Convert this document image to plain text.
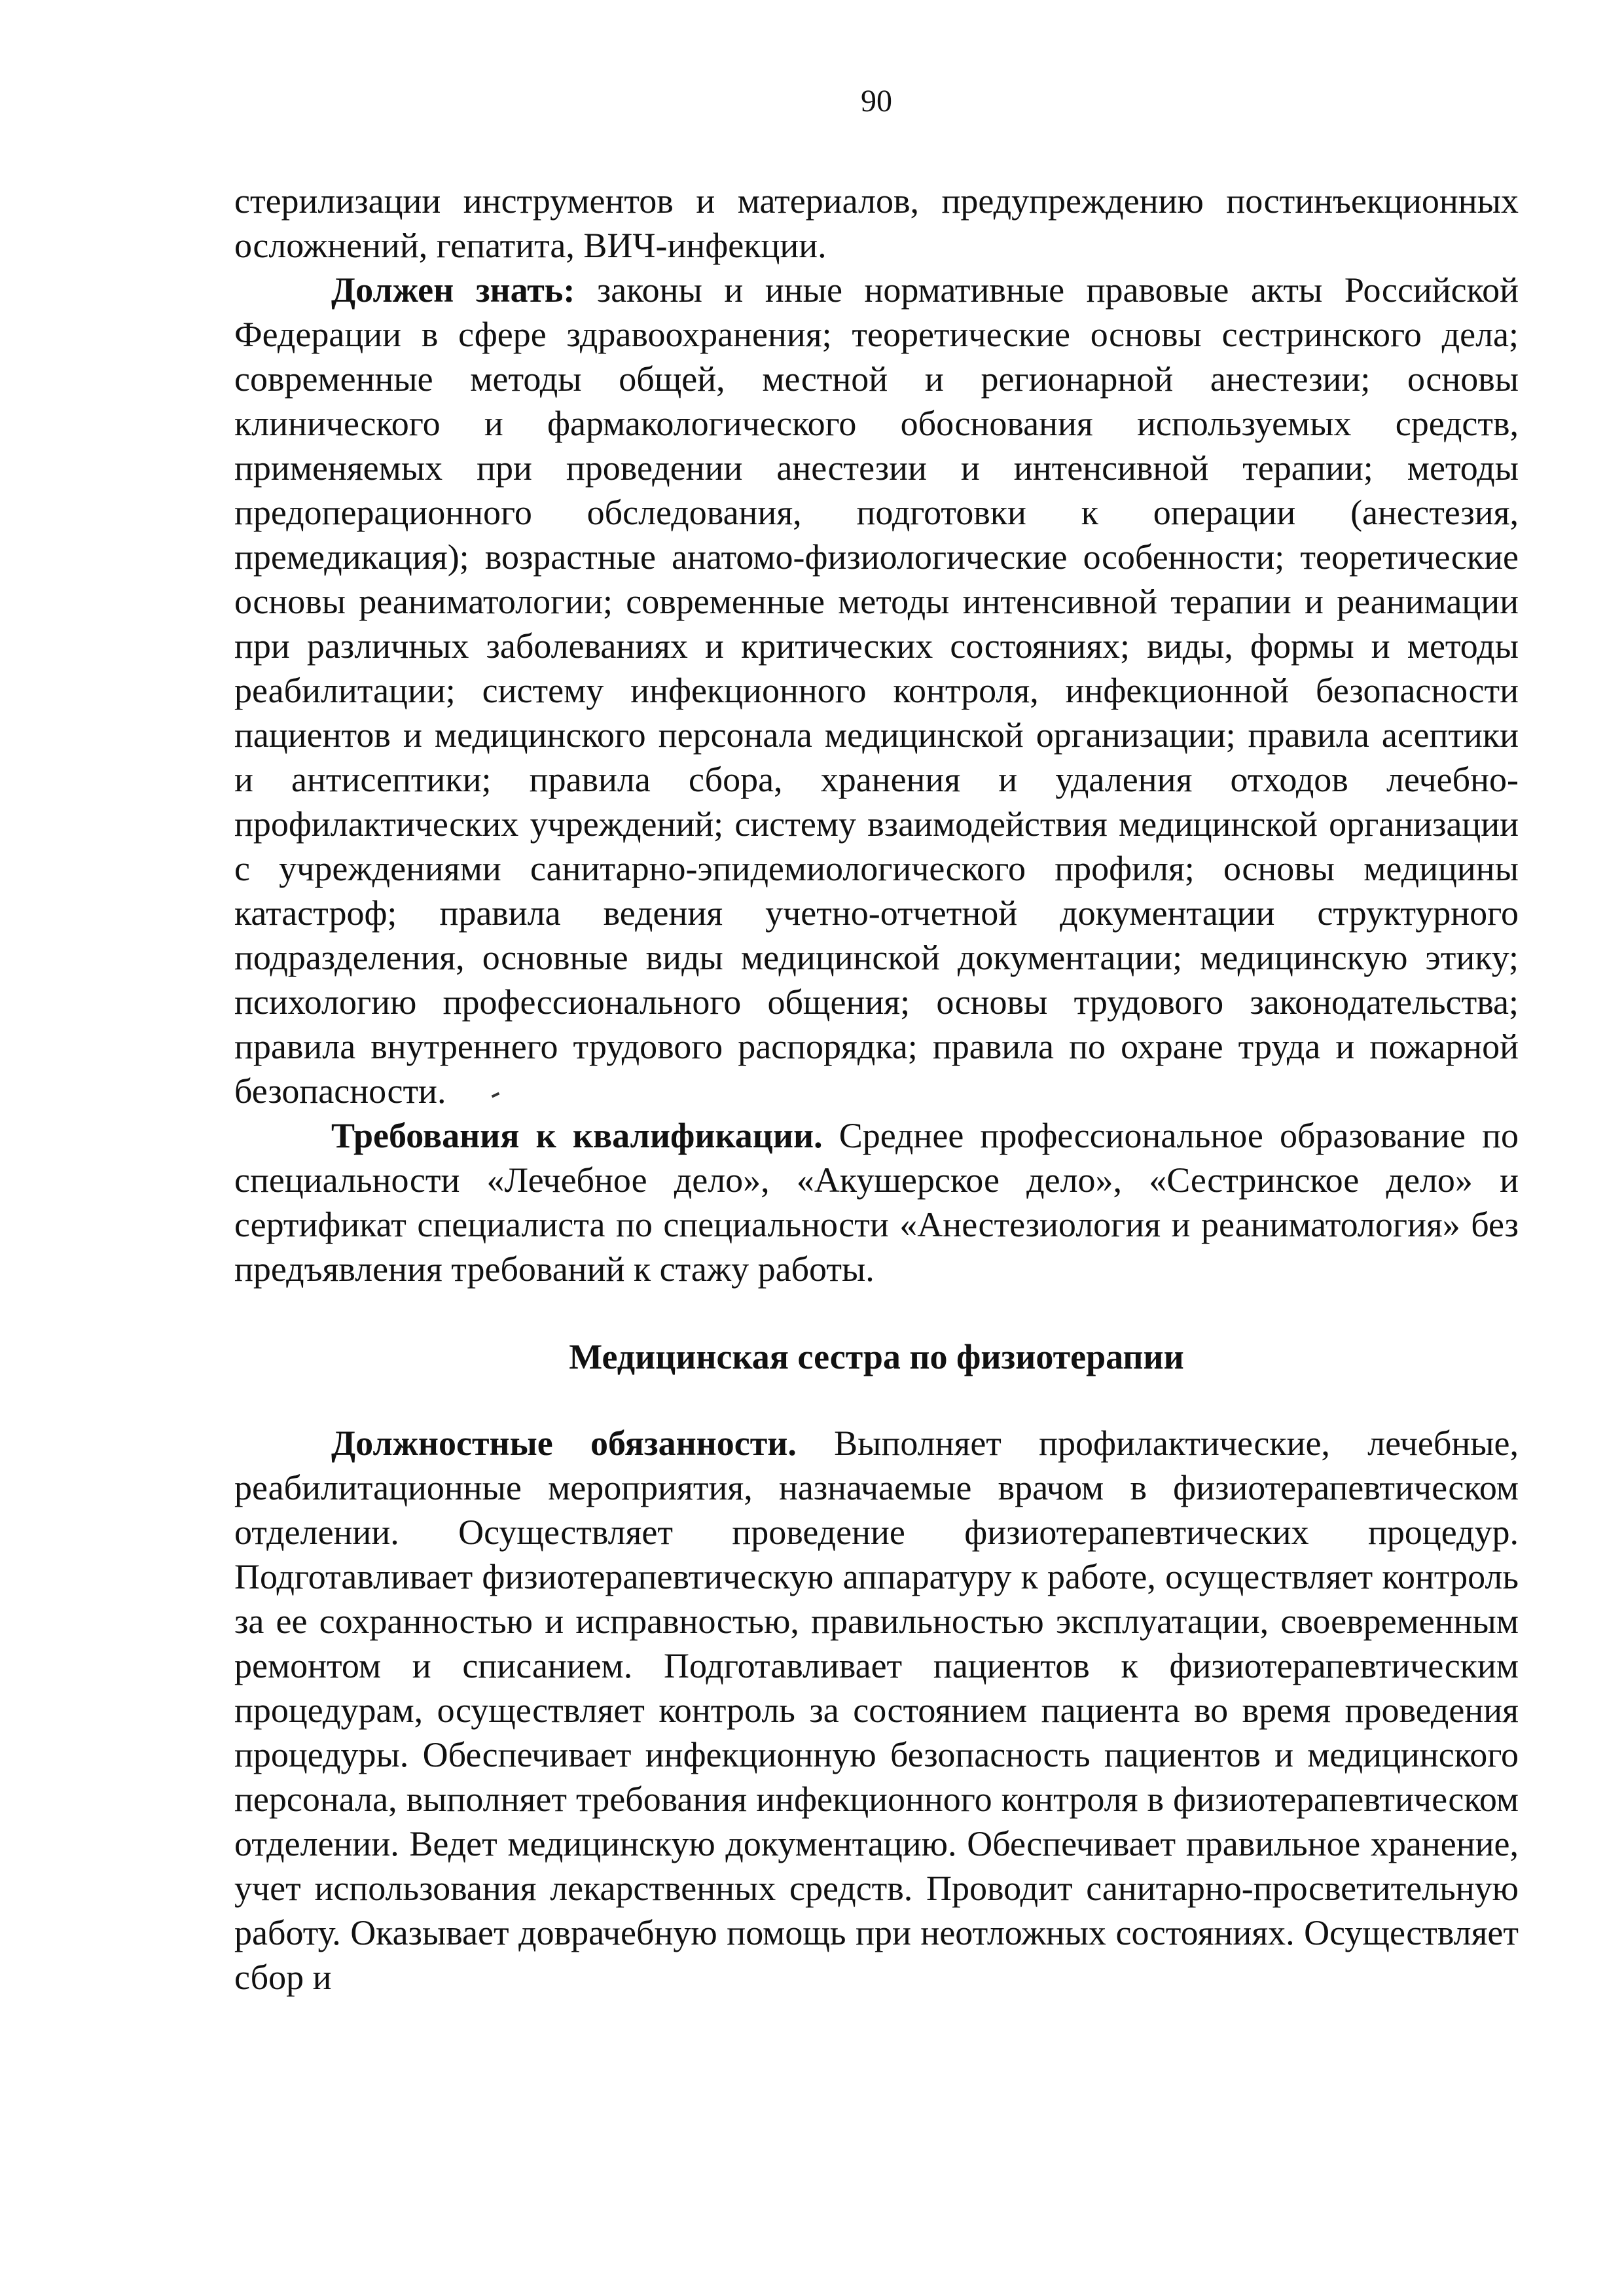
90

стерилизации инструментов и материалов, предупреждению постинъекционных осложнений, гепатита, ВИЧ-инфекции.

Должен знать: законы и иные нормативные правовые акты Российской Федерации в сфере здравоохранения; теоретические основы сестринского дела; современные методы общей, местной и регионарной анестезии; основы клинического и фармакологического обоснования используемых средств, применяемых при проведении анестезии и интенсивной терапии; методы предоперационного обследования, подготовки к операции (анестезия, премедикация); возрастные анатомо-физиологические особенности; теоретические основы реаниматологии; современные методы интенсивной терапии и реанимации при различных заболеваниях и критических состояниях; виды, формы и методы реабилитации; систему инфекционного контроля, инфекционной безопасности пациентов и медицинского персонала медицинской организации; правила асептики и антисептики; правила сбора, хранения и удаления отходов лечебно-профилактических учреждений; систему взаимодействия медицинской организации с учреждениями санитарно-эпидемиологического профиля; основы медицины катастроф; правила ведения учетно-отчетной документации структурного подразделения, основные виды медицинской документации; медицинскую этику; психологию профессионального общения; основы трудового законодательства; правила внутреннего трудового распорядка; правила по охране труда и пожарной безопасности.

Требования к квалификации. Среднее профессиональное образование по специальности «Лечебное дело», «Акушерское дело», «Сестринское дело» и сертификат специалиста по специальности «Анестезиология и реаниматология» без предъявления требований к стажу работы.

Медицинская сестра по физиотерапии

Должностные обязанности. Выполняет профилактические, лечебные, реабилитационные мероприятия, назначаемые врачом в физиотерапевтическом отделении. Осуществляет проведение физиотерапевтических процедур. Подготавливает физиотерапевтическую аппаратуру к работе, осуществляет контроль за ее сохранностью и исправностью, правильностью эксплуатации, своевременным ремонтом и списанием. Подготавливает пациентов к физиотерапевтическим процедурам, осуществляет контроль за состоянием пациента во время проведения процедуры. Обеспечивает инфекционную безопасность пациентов и медицинского персонала, выполняет требования инфекционного контроля в физиотерапевтическом отделении. Ведет медицинскую документацию. Обеспечивает правильное хранение, учет использования лекарственных средств. Проводит санитарно-просветительную работу. Оказывает доврачебную помощь при неотложных состояниях. Осуществляет сбор и
